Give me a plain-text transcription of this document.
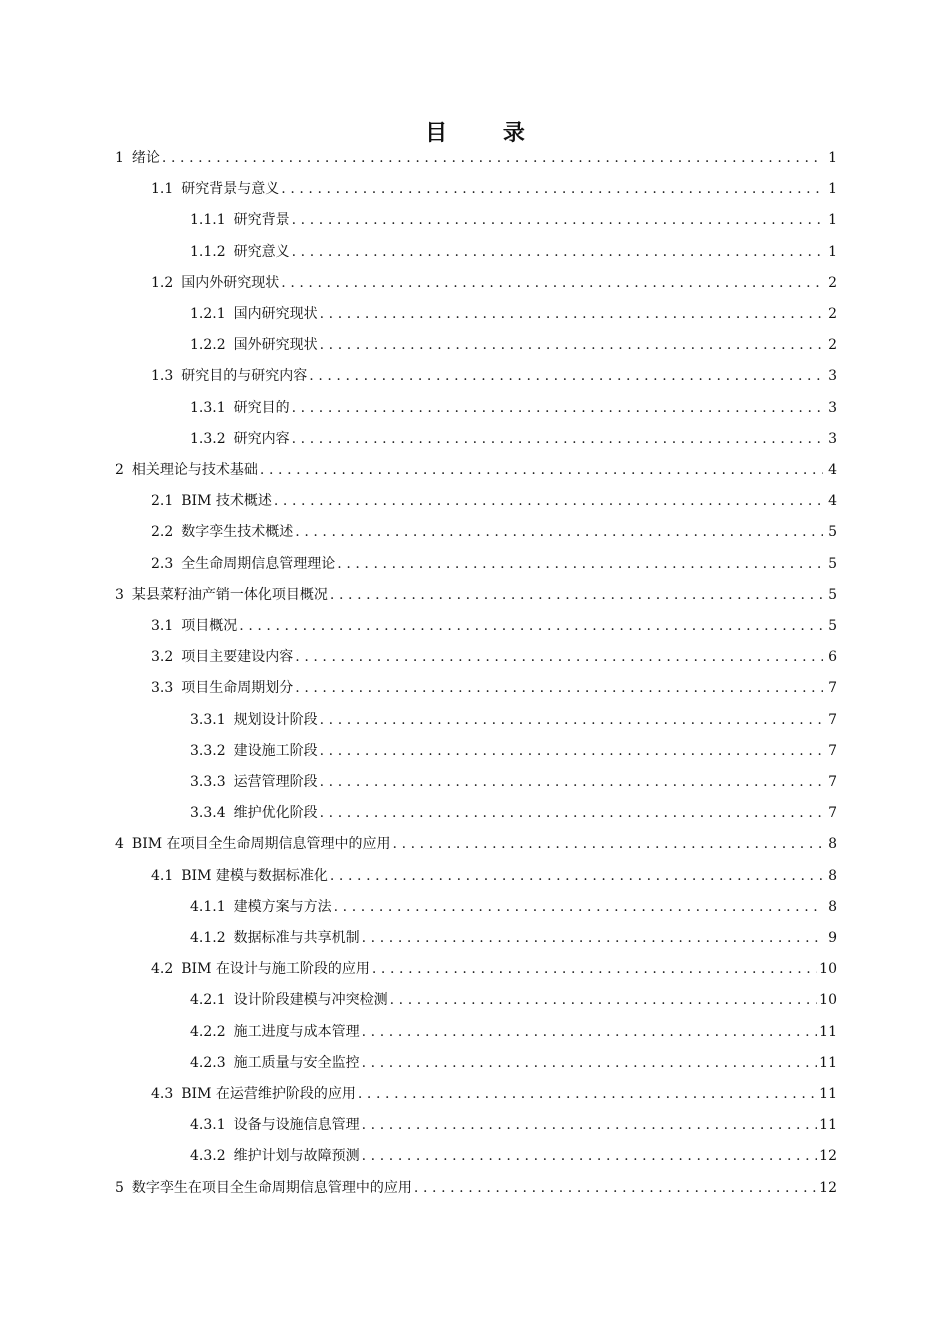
目 录
1 绪论 .....	1
1.1 研究背景与意义 .....	1
1.1.1 研究背景 .....	1
1.1.2 研究意义 .....	1
1.2 国内外研究现状 .....	2
1.2.1 国内研究现状 .....	2
1.2.2 国外研究现状 .....	2
1.3 研究目的与研究内容 .....	3
1.3.1 研究目的 .....	3
1.3.2 研究内容 .....	3
2 相关理论与技术基础 .....	4
2.1 BIM 技术概述 .....	4
2.2 数字孪生技术概述 .....	5
2.3 全生命周期信息管理理论 .....	5
3 某县菜籽油产销一体化项目概况 .....	5
3.1 项目概况 .....	5
3.2 项目主要建设内容 .....	6
3.3 项目生命周期划分 .....	7
3.3.1 规划设计阶段 .....	7
3.3.2 建设施工阶段 .....	7
3.3.3 运营管理阶段 .....	7
3.3.4 维护优化阶段 .....	7
4 BIM 在项目全生命周期信息管理中的应用 .....	8
4.1 BIM 建模与数据标准化 .....	8
4.1.1 建模方案与方法 .....	8
4.1.2 数据标准与共享机制 .....	9
4.2 BIM 在设计与施工阶段的应用 .....	10
4.2.1 设计阶段建模与冲突检测 .....	10
4.2.2 施工进度与成本管理 .....	11
4.2.3 施工质量与安全监控 .....	11
4.3 BIM 在运营维护阶段的应用 .....	11
4.3.1 设备与设施信息管理 .....	11
4.3.2 维护计划与故障预测 .....	12
5 数字孪生在项目全生命周期信息管理中的应用 .....	12
